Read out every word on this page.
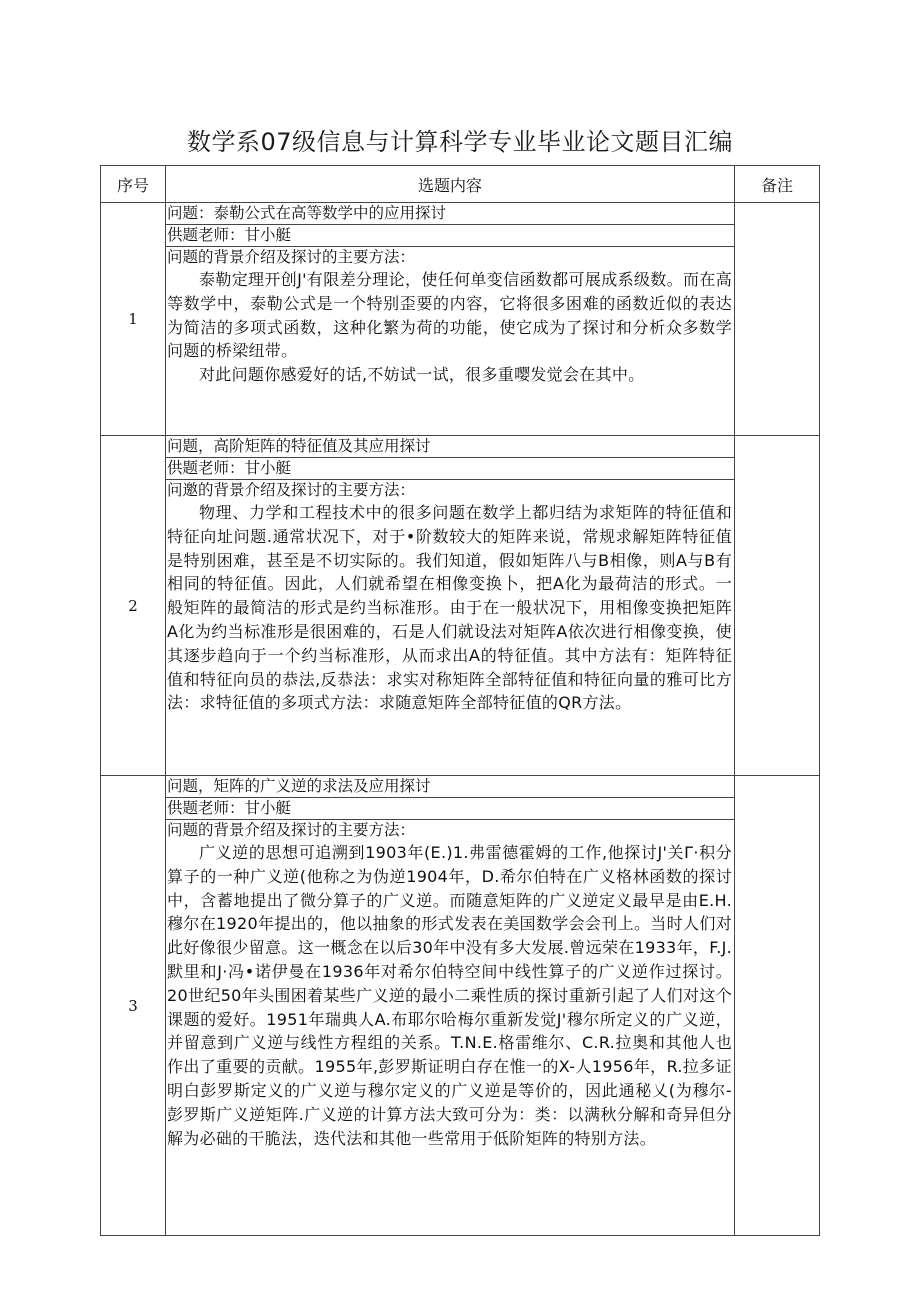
数学系07级信息与计算科学专业毕业论文题目汇编
序号	选题内容	备注
1	问题：泰勒公式在高等数学中的应用探讨
供题老师：甘小艇
问题的背景介绍及探讨的主要方法：

泰勒定理开创J'有限差分理论，使任何单变信函数都可展成系级数。而在高等数学中，泰勒公式是一个特别歪要的内容，它将很多困难的函数近似的表达为简洁的多项式函数，这种化繁为荷的功能，使它成为了探讨和分析众多数学问题的桥梁纽带。

对此问题你感爱好的话,不妨试一试，很多重嘤发觉会在其中。	

2	问题，高阶矩阵的特征值及其应用探讨
供题老师：甘小艇
问邀的背景介绍及探讨的主要方法：

物理、力学和工程技术中的很多问题在数学上都归结为求矩阵的特征值和特征向址问题.通常状况下，对于•阶数较大的矩阵来说，常规求解矩阵特征值是特别困难，甚至是不切实际的。我们知道，假如矩阵八与B相像，则A与B有相同的特征值。因此，人们就希望在相像变换卜，把A化为最荷洁的形式。一般矩阵的最简洁的形式是约当标准形。由于在一般状况下，用相像变换把矩阵A化为约当标准形是很困难的，石是人们就设法对矩阵A依次进行相像变换，使其逐步趋向于一个约当标准形，从而求出A的特征值。其中方法有：矩阵特征值和特征向员的恭法,反恭法：求实对称矩阵全部特征值和特征向量的雅可比方法：求特征值的多项式方法：求随意矩阵全部特征值的QR方法。	

3	问题，矩阵的广义逆的求法及应用探讨
供题老师：甘小艇
问题的背景介绍及探讨的主要方法：

广义逆的思想可追溯到1903年(E.)1.弗雷德霍姆的工作,他探讨J'关Γ·积分算子的一种广义逆(他称之为伪逆1904年，D.希尔伯特在广义格林函数的探讨中，含蓄地提出了微分算子的广义逆。而随意矩阵的广义逆定义最早是由E.H.穆尔在1920年提出的，他以抽象的形式发表在美国数学会会刊上。当时人们对此好像很少留意。这一概念在以后30年中没有多大发展.曾远荣在1933年，F.J.默里和J·冯•诺伊曼在1936年对希尔伯特空间中线性算子的广义逆作过探讨。20世纪50年头围困着某些广义逆的最小二乘性质的探讨重新引起了人们对这个课题的爱好。1951年瑞典人A.布耶尔哈梅尔重新发觉J'穆尔所定义的广义逆，并留意到广义逆与线性方程组的关系。T.N.E.格雷维尔、C.R.拉奥和其他人也作出了重要的贡献。1955年,彭罗斯证明白存在惟一的X-人1956年，R.拉多证明白彭罗斯定义的广义逆与穆尔定义的广义逆是等价的，因此通秘乂(为穆尔-彭罗斯广义逆矩阵.广义逆的计算方法大致可分为：类：以满秋分解和奇异但分解为必础的干脆法，迭代法和其他一些常用于低阶矩阵的特别方法。	
